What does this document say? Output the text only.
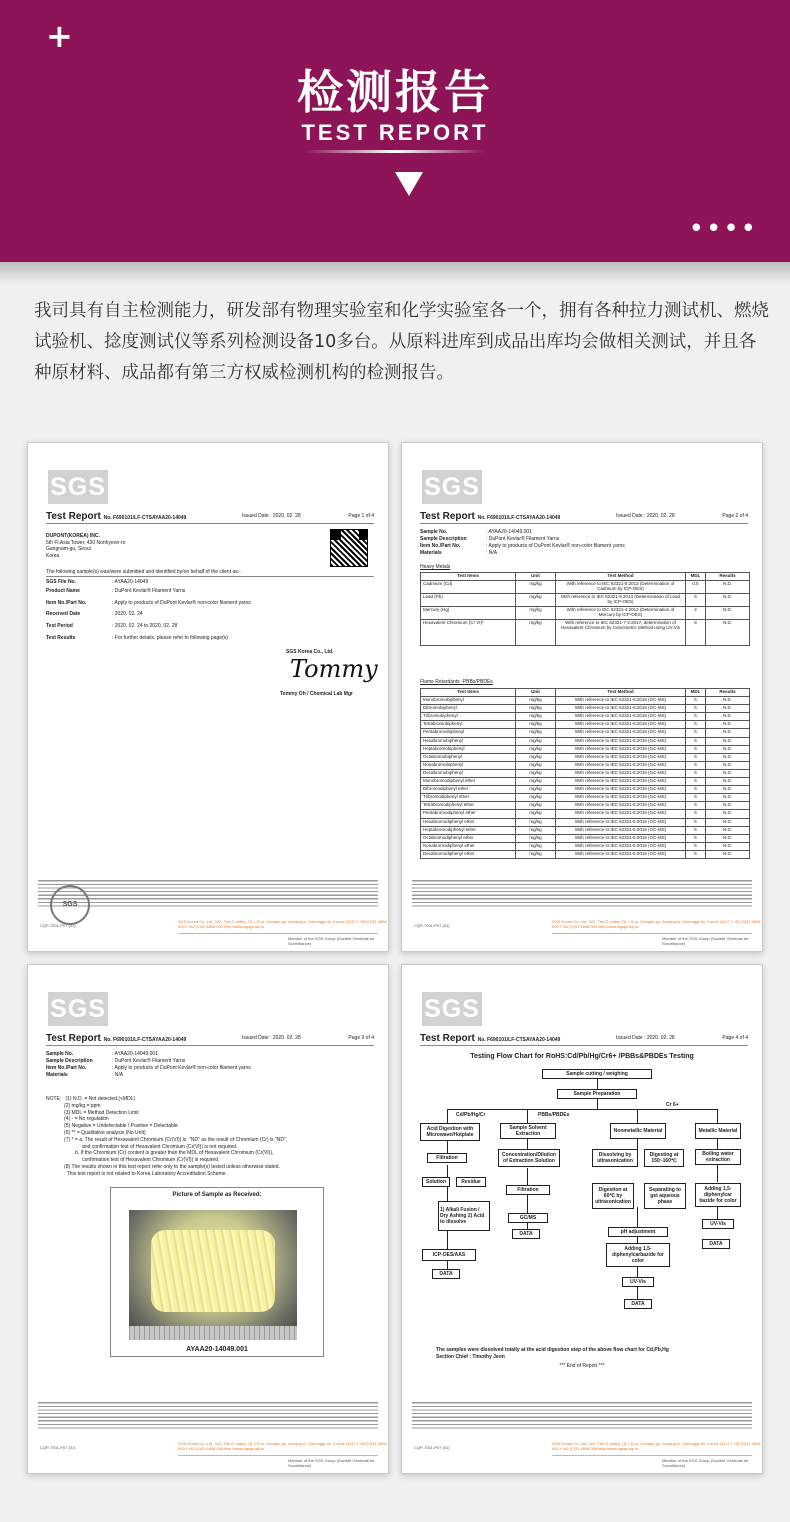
+
检测报告
TEST REPORT
••••

我司具有自主检测能力，研发部有物理实验室和化学实验室各一个，拥有各种拉力测试机、燃烧试验机、捻度测试仪等系列检测设备10多台。从原料进库到成品出库均会做相关测试，并且各种原材料、成品都有第三方权威检测机构的检测报告。

SGS
Test Report No. F690101/LF-CTSAYAA20-14049	Issued Date : 2020. 02. 28	Page 1 of 4
DUPONT(KOREA) INC.
5th Fl.Asia Tower, 430 Nonhyeon-ro
Gangnam-gu, Seoul
Korea
The following sample(s) was/were submitted and identified by/on behalf of the client as:-
SGS File No.	: AYAA20-14049
Product Name	: DuPont Kevlar® Filament Yarns
Item No./Part No.	: Apply to products of DuPont Kevlar® non-color filament yarns
Received Date	: 2020. 02. 24
Test Period	: 2020. 02. 24 to 2020. 02. 28
Test Results	: For further details, please refer to following page(s)
SGS Korea Co., Ltd.
Tommy
Tommy Oh / Chemical Lab Mgr
SGS
CQP-7001-P07 (01)
SGS Korea Co.,Ltd. 322, The O valley, 76, LS-ro, Dongan-gu, Anyang-si, Gyeonggi-do, Korea 14117 t +82 (0)31 4608 000 f +82 (0)31 4608 059 http://www.sgsgroup.kr
Member of the SGS Group (Société Générale de Surveillance)
SGS
Test Report No. F690101/LF-CTSAYAA20-14049	Issued Date : 2020. 02. 28	Page 2 of 4
Sample No.	: AYAA20-14049.001
Sample Description	: DuPont Kevlar® Filament Yarns
Item No./Part No.	: Apply to products of DuPont Kevlar® non-color filament yarns
Materials	: N/A
Heavy Metals
Test Items	Unit	Test Method	MDL	Results
Cadmium (Cd)	mg/kg	With reference to IEC 62321-5:2013 (Determination of Cadmium by ICP-OES)	0.5	N.D.
Lead (Pb)	mg/kg	With reference to IEC 62321-5:2013 (Determination of Lead by ICP-OES)	5	N.D.
Mercury (Hg)	mg/kg	With reference to IEC 62321-4:2013 (Determination of Mercury by ICP-OES)	2	N.D.
Hexavalent Chromium (Cr VI)*	mg/kg	With reference to IEC 62321-7-2:2017, determination of Hexavalent Chromium by Colorimetric Method using UV-Vis	8	N.D.
Flame Retardants -PBBs/PBDEs
Test Items	Unit	Test Method	MDL	Results
Monobromobiphenyl	mg/kg	With reference to IEC 62321-6:2015 (GC-MS)	5	N.D.
Dibromobiphenyl	mg/kg	With reference to IEC 62321-6:2015 (GC-MS)	5	N.D.
Tribromobiphenyl	mg/kg	With reference to IEC 62321-6:2015 (GC-MS)	5	N.D.
Tetrabromobiphenyl	mg/kg	With reference to IEC 62321-6:2015 (GC-MS)	5	N.D.
Pentabromobiphenyl	mg/kg	With reference to IEC 62321-6:2015 (GC-MS)	5	N.D.
Hexabromobiphenyl	mg/kg	With reference to IEC 62321-6:2015 (GC-MS)	5	N.D.
Heptabromobiphenyl	mg/kg	With reference to IEC 62321-6:2015 (GC-MS)	5	N.D.
Octabromobiphenyl	mg/kg	With reference to IEC 62321-6:2015 (GC-MS)	5	N.D.
Nonabromobiphenyl	mg/kg	With reference to IEC 62321-6:2015 (GC-MS)	5	N.D.
Decabromobiphenyl	mg/kg	With reference to IEC 62321-6:2015 (GC-MS)	5	N.D.
Monobromodiphenyl ether	mg/kg	With reference to IEC 62321-6:2015 (GC-MS)	5	N.D.
Dibromodiphenyl ether	mg/kg	With reference to IEC 62321-6:2015 (GC-MS)	5	N.D.
Tribromodiphenyl ether	mg/kg	With reference to IEC 62321-6:2015 (GC-MS)	5	N.D.
Tetrabromodiphenyl ether	mg/kg	With reference to IEC 62321-6:2015 (GC-MS)	5	N.D.
Pentabromodiphenyl ether	mg/kg	With reference to IEC 62321-6:2015 (GC-MS)	5	N.D.
Hexabromodiphenyl ether	mg/kg	With reference to IEC 62321-6:2015 (GC-MS)	5	N.D.
Heptabromodiphenyl ether	mg/kg	With reference to IEC 62321-6:2015 (GC-MS)	5	N.D.
Octabromodiphenyl ether	mg/kg	With reference to IEC 62321-6:2015 (GC-MS)	5	N.D.
Nonabromodiphenyl ether	mg/kg	With reference to IEC 62321-6:2015 (GC-MS)	5	N.D.
Decabromodiphenyl ether	mg/kg	With reference to IEC 62321-6:2015 (GC-MS)	5	N.D.
CQP-7001-P07 (01)
SGS Korea Co.,Ltd. 322, The O valley, 76, LS-ro, Dongan-gu, Anyang-si, Gyeonggi-do, Korea 14117 t +82 (0)31 4608 000 f +82 (0)31 4608 059 http://www.sgsgroup.kr
Member of the SGS Group (Société Générale de Surveillance)
SGS
Test Report No. F690101/LF-CTSAYAA20-14049	Issued Date : 2020. 02. 28	Page 3 of 4
Sample No.	: AYAA20-14049.001
Sample Description	: DuPont Kevlar® Filament Yarns
Item No./Part No.	: Apply to products of DuPont Kevlar® non-color filament yarns
Materials	: N/A
NOTE:   (1) N.D. = Not detected.(<MDL)
(2) mg/kg = ppm
(3) MDL = Method Detection Limit
(4) - = No regulation
(5) Negative = Undetectable / Positive = Detectable
(6) ** = Qualitative analysis (No Unit)
(7) * = a. The result of Hexavalent Chromium (Cr(VI)) is  "ND" as the result of Chromium (Cr) is "ND",
and confirmation test of Hexavalent Chromium (Cr(VI)) is not required.
b. If the Chromium (Cr) content is greater than the MDL of Hexavalent Chromium (Cr(VI)),
confirmation test of Hexavalent Chromium (Cr(VI)) is required.
(8) The results shown in this test report refer only to the sample(s) tested unless otherwise stated.
This test report is not related to Korea Laboratory Accreditation Scheme.
Picture of Sample as Received:
AYAA20-14049.001
CQP-7001-P07 (01)
SGS Korea Co.,Ltd. 322, The O valley, 76, LS-ro, Dongan-gu, Anyang-si, Gyeonggi-do, Korea 14117 t +82 (0)31 4608 000 f +82 (0)31 4608 059 http://www.sgsgroup.kr
Member of the SGS Group (Société Générale de Surveillance)
SGS
Test Report No. F690101/LF-CTSAYAA20-14049	Issued Date : 2020. 02. 28	Page 4 of 4
Testing Flow Chart for RoHS:Cd/Pb/Hg/Cr6+ /PBBs&PBDEs Testing
Sample cutting / weighing
Sample Preparation
Cd/Pb/Hg/Cr	PBBs/PBDEs
Cr 6+
Acid Digestion with Microwave/Hotplate
Sample Solvent Extraction	Nonmetallic Material	Metallic Material
Filtration	Concentration/Dilution of Extraction Solution
Dissolving by ultrasonication
Digesting at 150~160℃
Boiling water extraction
Solution	Residue
Filtration	Digestion at 60℃ by ultrasonication
Separating to get aqueous phase
Adding 1,5-diphenylcar bazide for color
1) Alkali Fusion / Dry Ashing 2) Acid to dissolve
GC/MS
pH adjustment
UV-Vis
DATA
DATA
Adding 1,5-diphenylcarbazide for color
ICP-OES/AAS
UV-Vis
DATA
DATA
The samples were dissolved totally at the acid digestion step of the above flow chart for Cd,Pb,Hg
Section Chief : Timothy Jeon
*** End of Report ***
CQP-7001-P07 (01)
SGS Korea Co.,Ltd. 322, The O valley, 76, LS-ro, Dongan-gu, Anyang-si, Gyeonggi-do, Korea 14117 t +82 (0)31 4608 000 f +82 (0)31 4608 059 http://www.sgsgroup.kr
Member of the SGS Group (Société Générale de Surveillance)
